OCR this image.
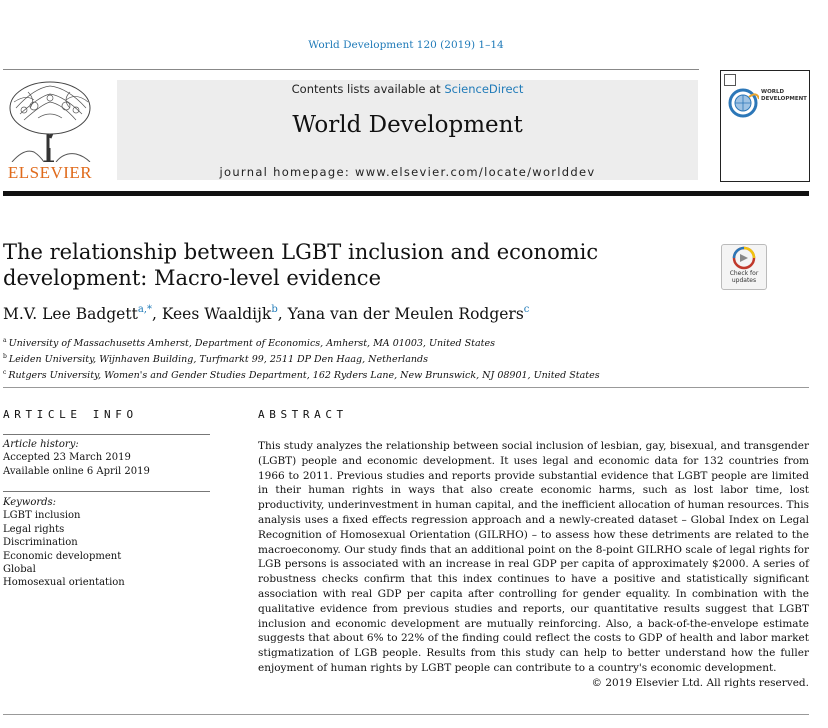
World Development 120 (2019) 1–14
ELSEVIER
Contents lists available at ScienceDirect
World Development
journal homepage: www.elsevier.com/locate/worlddev
WORLD
DEVELOPMENT
The relationship between LGBT inclusion and economic development: Macro-level evidence	Check for
updates
M.V. Lee Badgett$^{a,*}$, Kees Waaldijk$^b$, Yana van der Meulen Rodgers$^c$
$^a$ University of Massachusetts Amherst, Department of Economics, Amherst, MA 01003, United States
$^b$ Leiden University, Wijnhaven Building, Turfmarkt 99, 2511 DP Den Haag, Netherlands
$^c$ Rutgers University, Women's and Gender Studies Department, 162 Ryders Lane, New Brunswick, NJ 08901, United States
ARTICLE INFO	ABSTRACT
Article history:
Accepted 23 March 2019
Available online 6 April 2019
Keywords:
LGBT inclusion
Legal rights
Discrimination
Economic development
Global
Homosexual orientation

This study analyzes the relationship between social inclusion of lesbian, gay, bisexual, and transgender (LGBT) people and economic development. It uses legal and economic data for 132 countries from 1966 to 2011. Previous studies and reports provide substantial evidence that LGBT people are limited in their human rights in ways that also create economic harms, such as lost labor time, lost productivity, underinvestment in human capital, and the inefficient allocation of human resources. This analysis uses a fixed effects regression approach and a newly-created dataset – Global Index on Legal Recognition of Homosexual Orientation (GILRHO) – to assess how these detriments are related to the macroeconomy. Our study finds that an additional point on the 8-point GILRHO scale of legal rights for LGB persons is associated with an increase in real GDP per capita of approximately $2000. A series of robustness checks confirm that this index continues to have a positive and statistically significant association with real GDP per capita after controlling for gender equality. In combination with the qualitative evidence from previous studies and reports, our quantitative results suggest that LGBT inclusion and economic development are mutually reinforcing. Also, a back-of-the-envelope estimate suggests that about 6% to 22% of the finding could reflect the costs to GDP of health and labor market stigmatization of LGB people. Results from this study can help to better understand how the fuller enjoyment of human rights by LGBT people can contribute to a country's economic development.

© 2019 Elsevier Ltd. All rights reserved.
